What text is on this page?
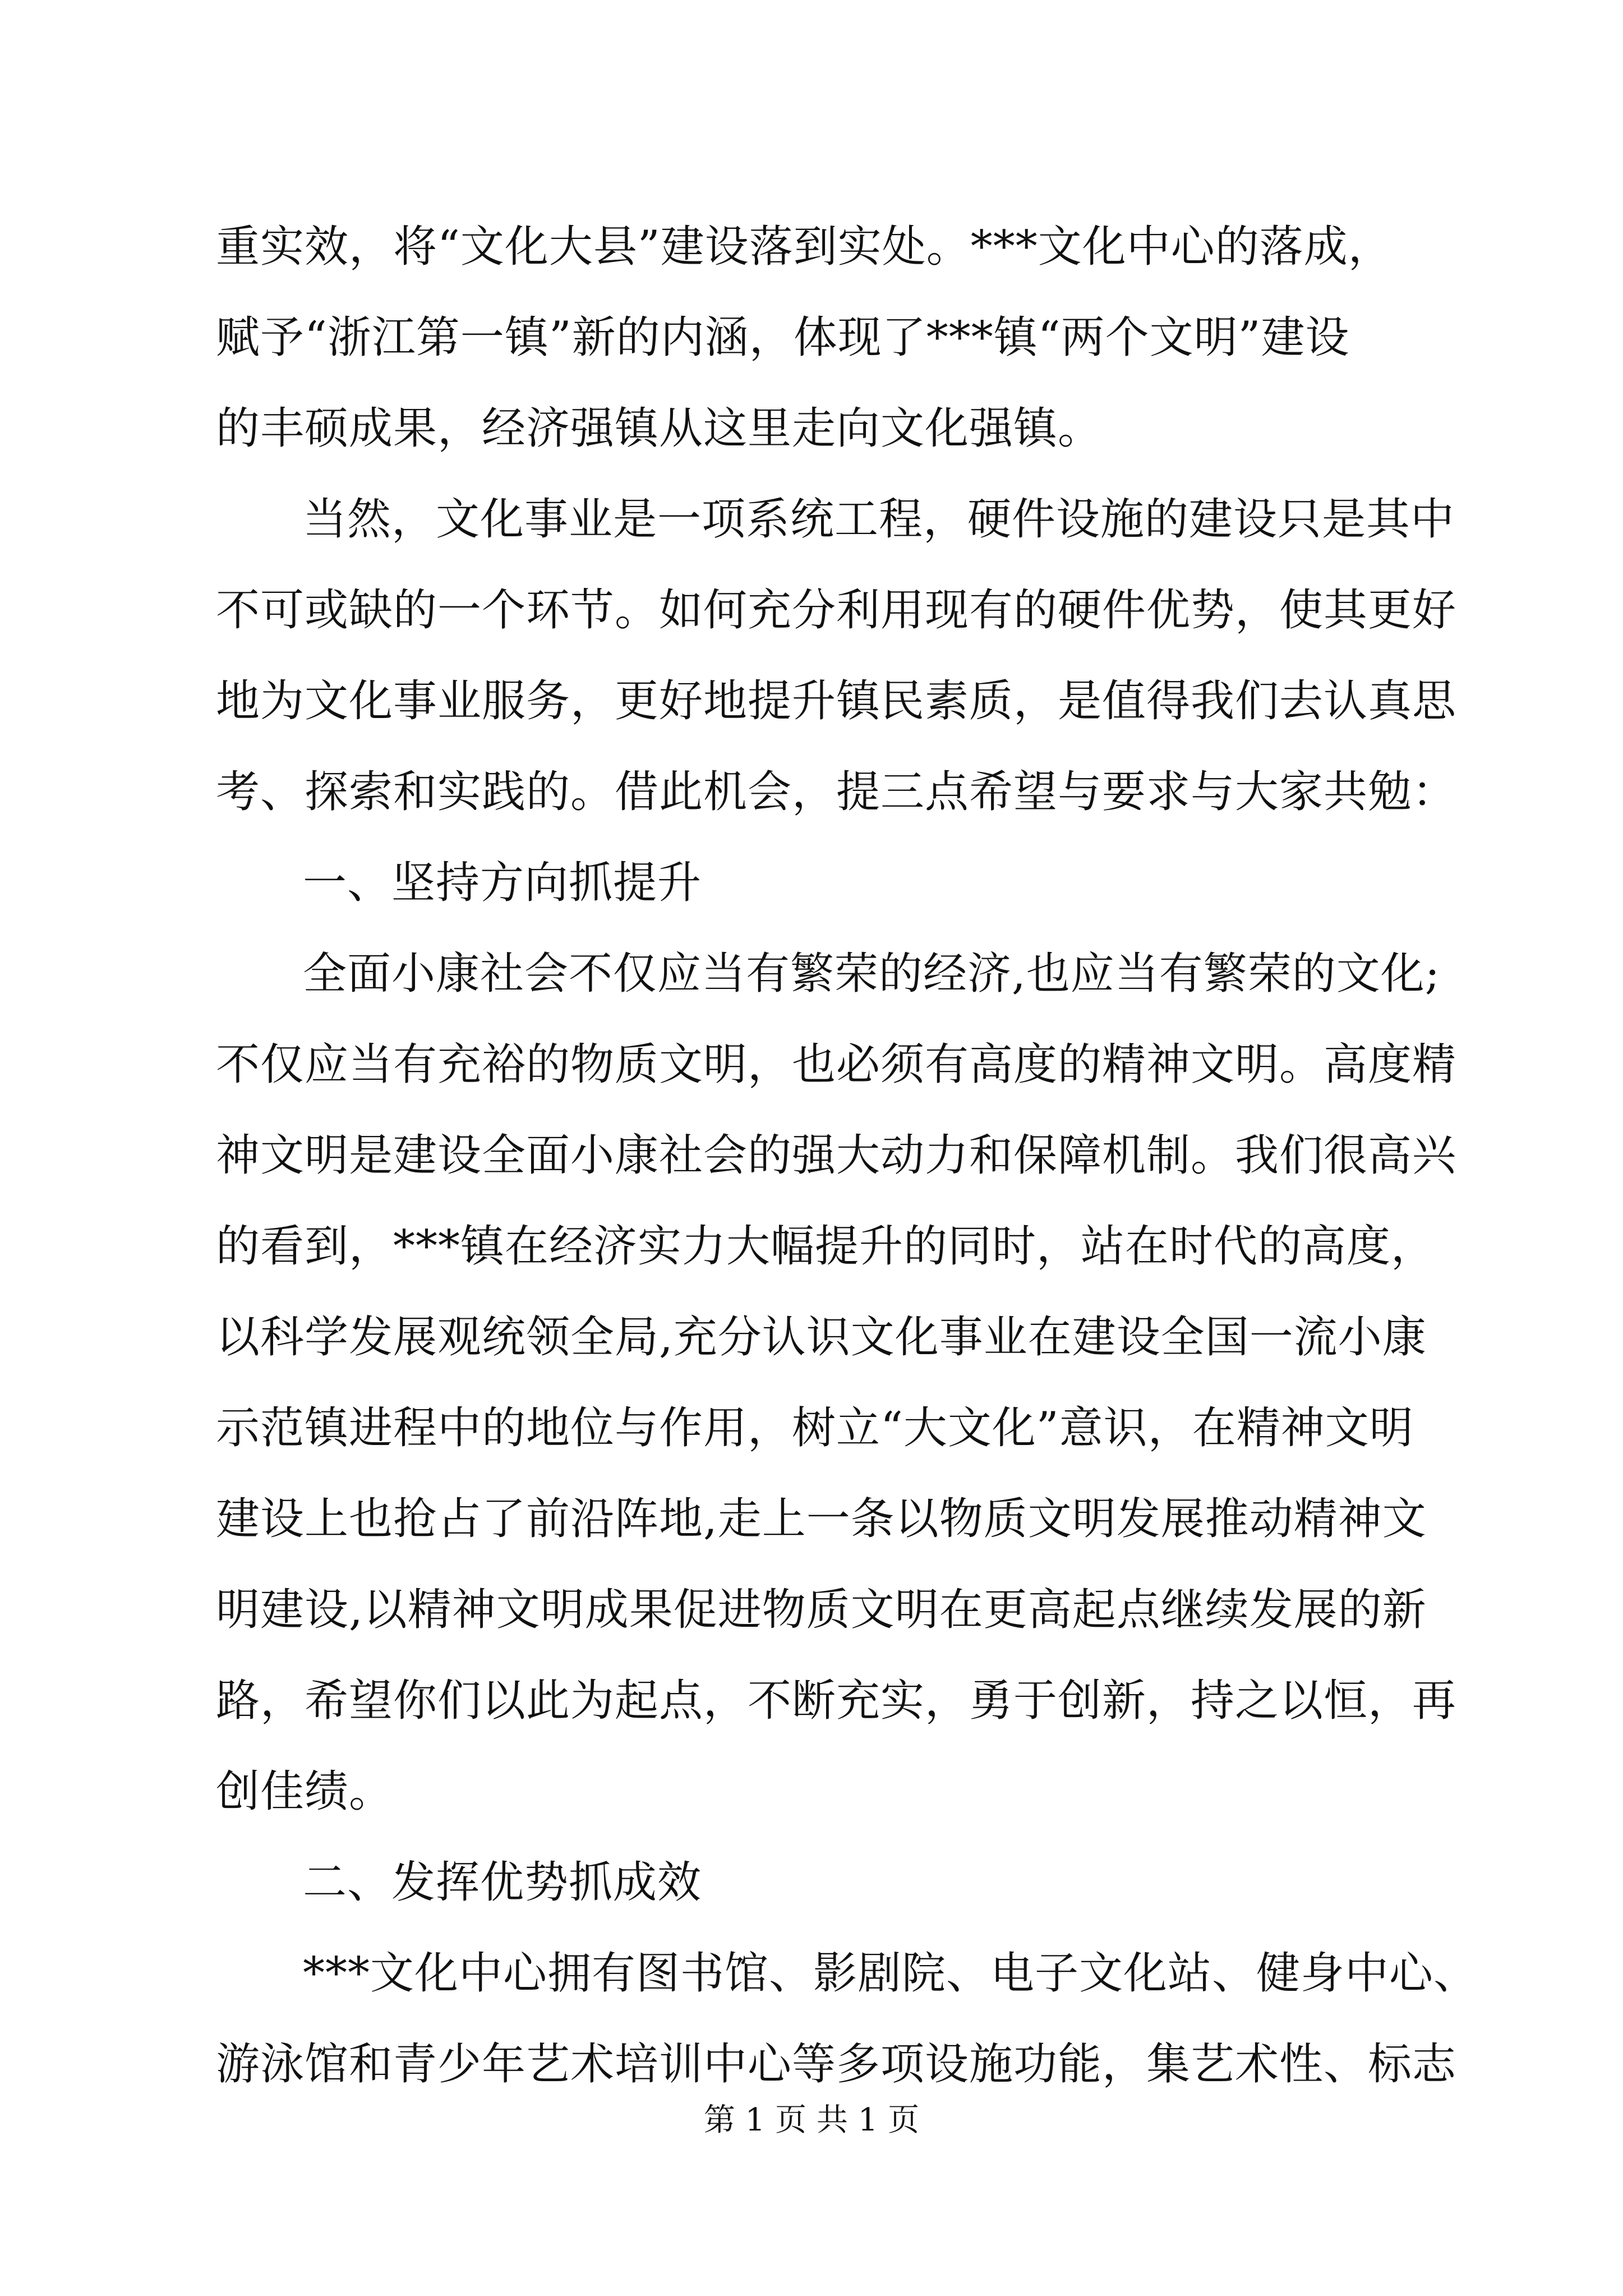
重实效，将“文化大县”建设落到实处。***文化中心的落成，
赋予“浙江第一镇”新的内涵，体现了***镇“两个文明”建设
的丰硕成果，经济强镇从这里走向文化强镇。
当然，文化事业是一项系统工程，硬件设施的建设只是其中
不可或缺的一个环节。如何充分利用现有的硬件优势，使其更好
地为文化事业服务，更好地提升镇民素质，是值得我们去认真思
考、探索和实践的。借此机会，提三点希望与要求与大家共勉：
一、坚持方向抓提升
全面小康社会不仅应当有繁荣的经济,也应当有繁荣的文化;
不仅应当有充裕的物质文明，也必须有高度的精神文明。高度精
神文明是建设全面小康社会的强大动力和保障机制。我们很高兴
的看到，***镇在经济实力大幅提升的同时，站在时代的高度，
以科学发展观统领全局,充分认识文化事业在建设全国一流小康
示范镇进程中的地位与作用，树立“大文化”意识，在精神文明
建设上也抢占了前沿阵地,走上一条以物质文明发展推动精神文
明建设,以精神文明成果促进物质文明在更高起点继续发展的新
路，希望你们以此为起点，不断充实，勇于创新，持之以恒，再
创佳绩。
二、发挥优势抓成效
***文化中心拥有图书馆、影剧院、电子文化站、健身中心、
游泳馆和青少年艺术培训中心等多项设施功能，集艺术性、标志
第 1 页 共 1 页
